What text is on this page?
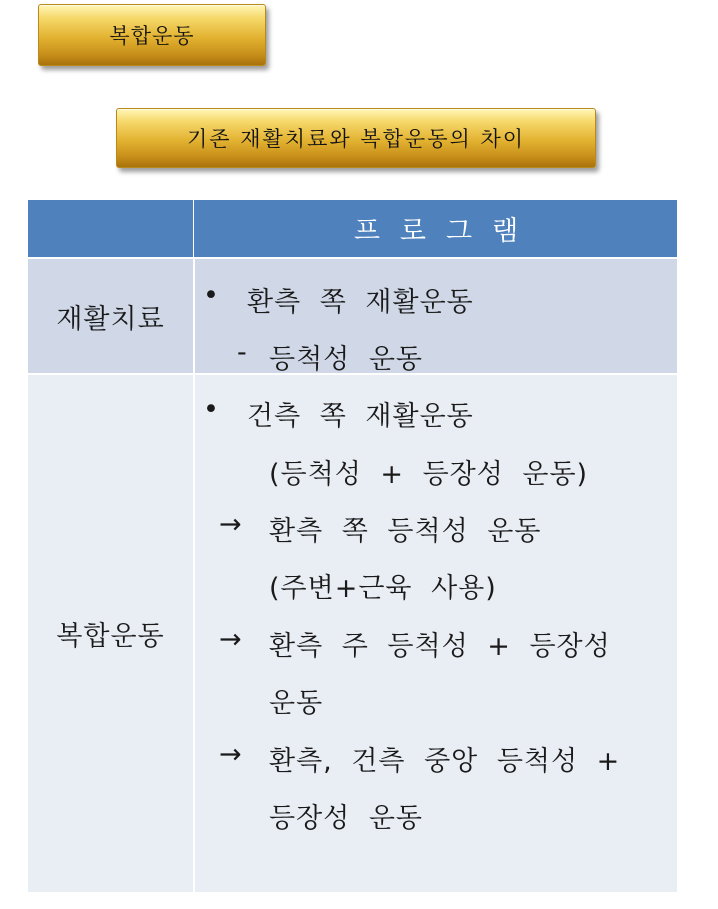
복합운동
기존 재활치료와 복합운동의 차이
프로그램
재활치료
• 환측 쪽 재활운동
- 등척성 운동
복합운동
• 건측 쪽 재활운동
(등척성 + 등장성 운동)
→ 환측 쪽 등척성 운동
(주변+근육 사용)
→ 환측 주 등척성 + 등장성
운동
→ 환측, 건측 중앙 등척성 +
등장성 운동
